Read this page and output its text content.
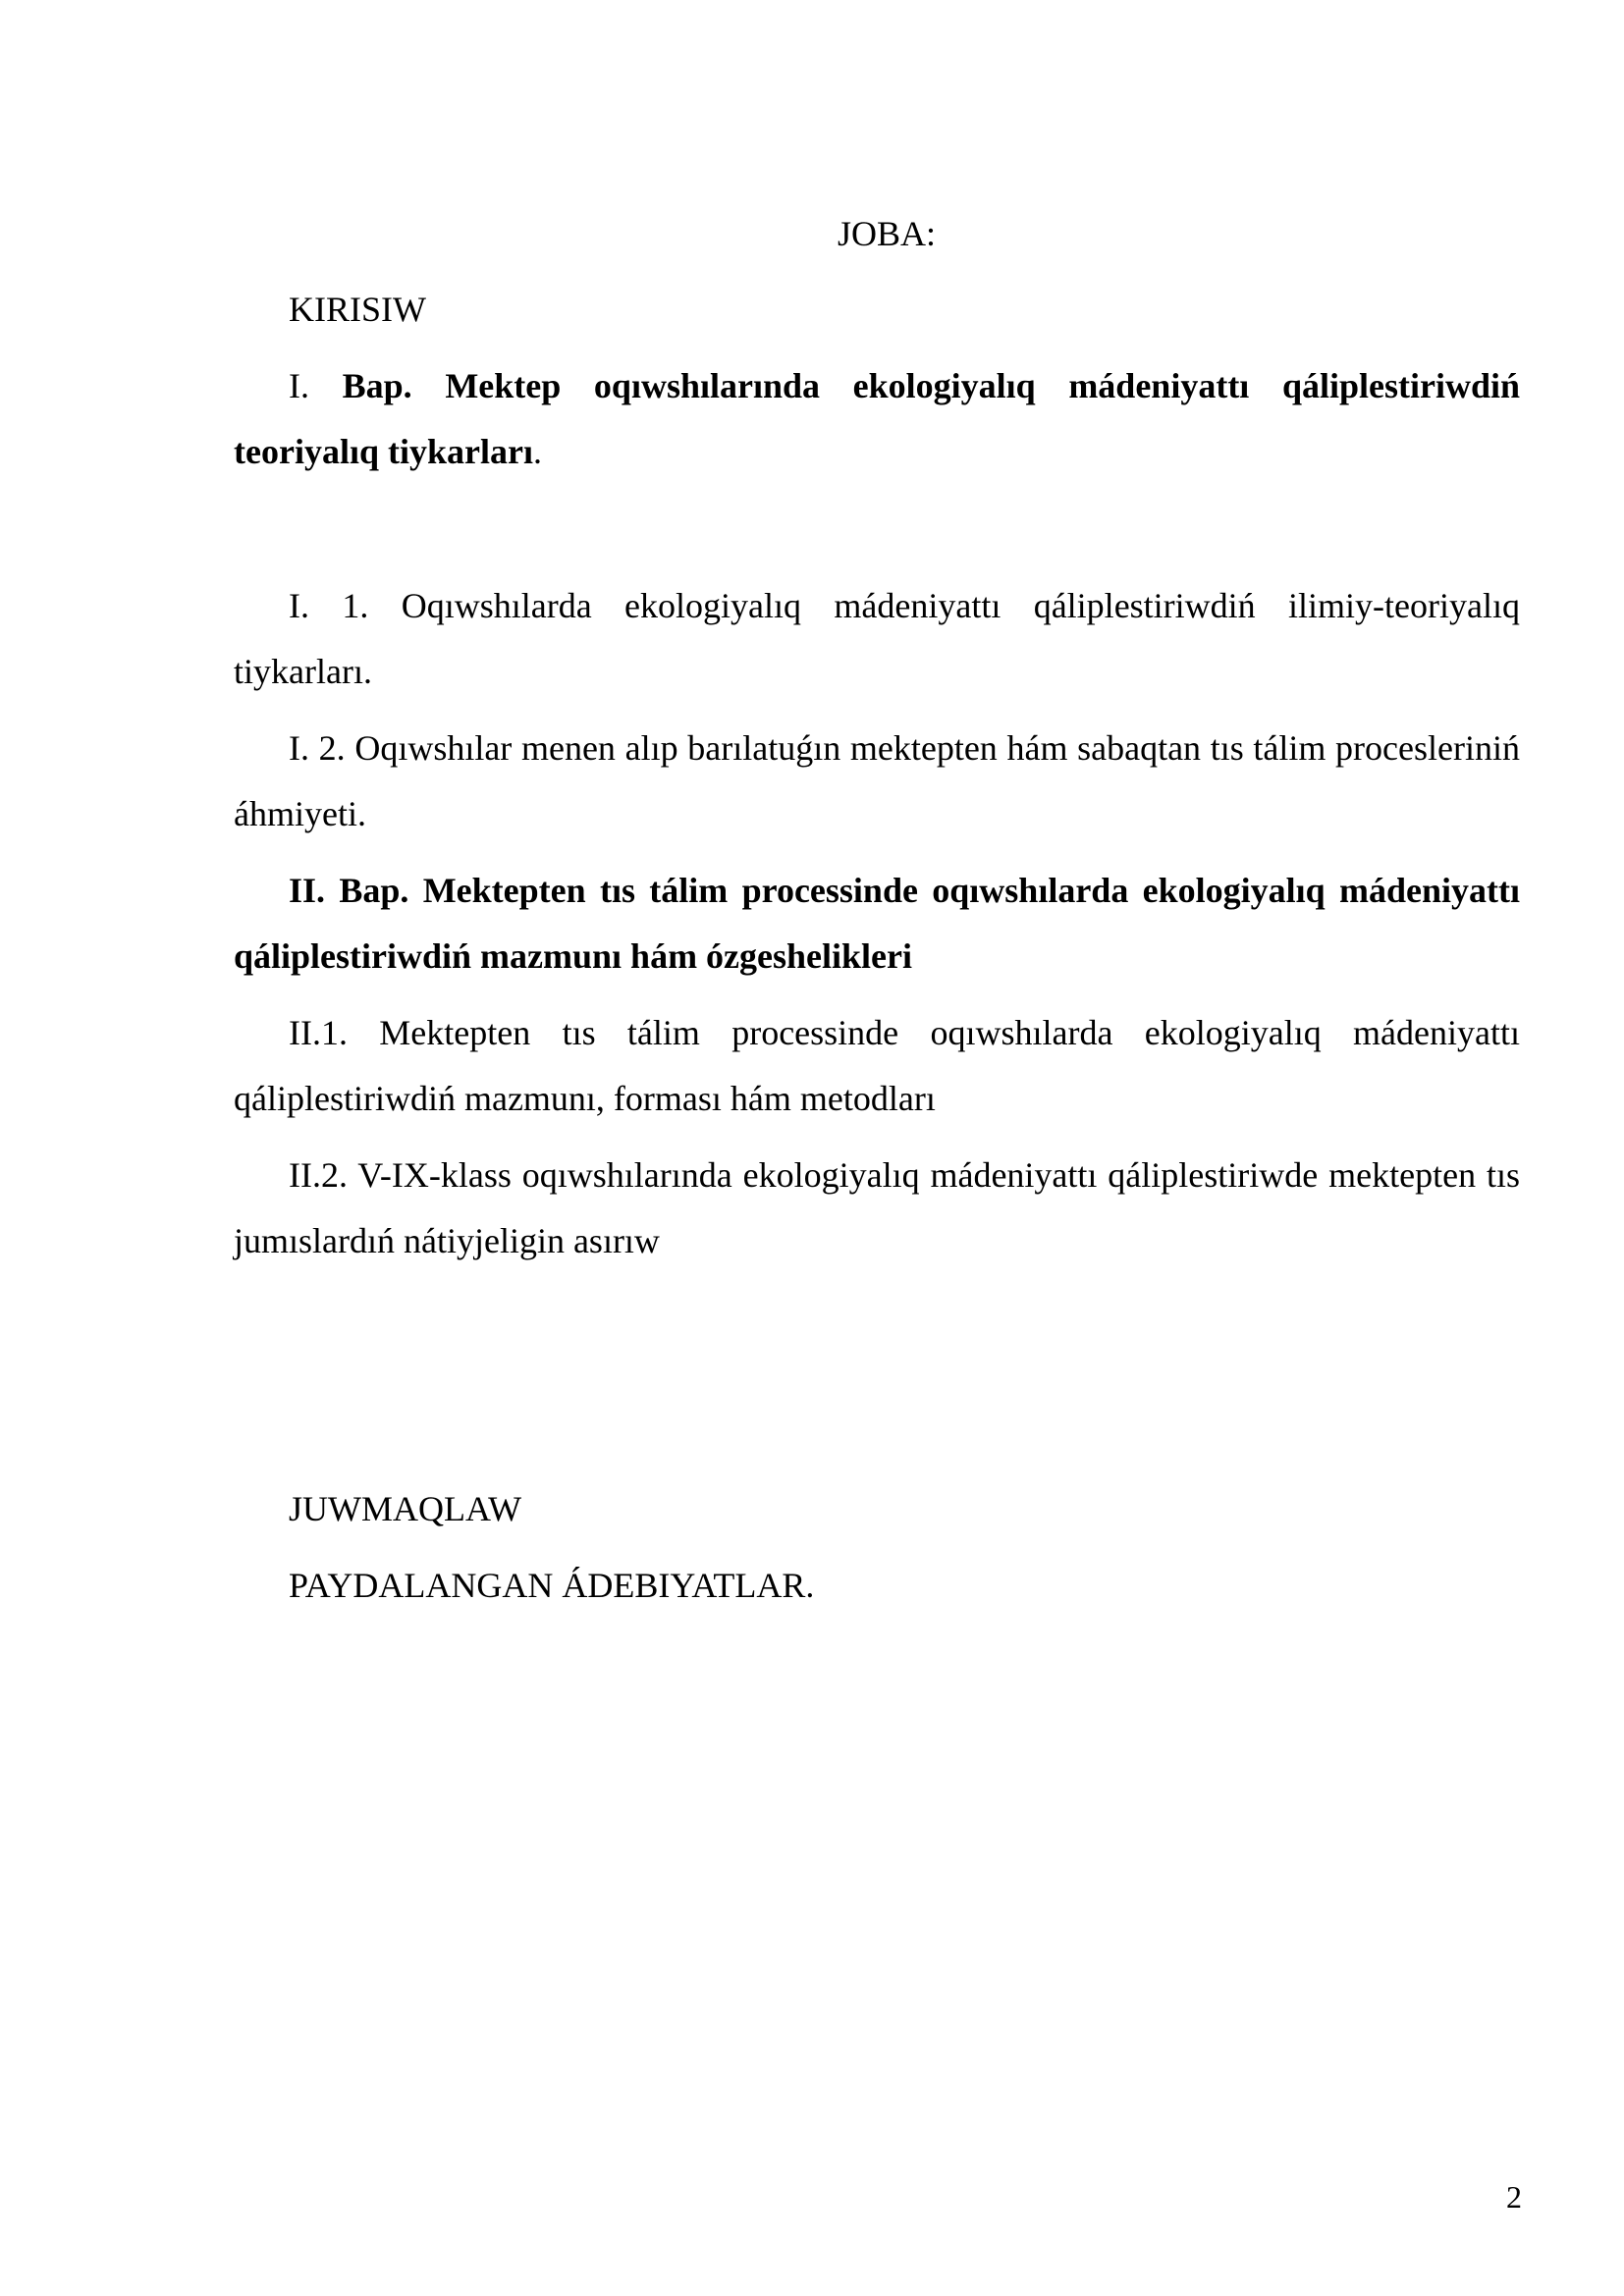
JOBA:

KIRISIW

I. Bap. Mektep oqıwshılarında ekologiyalıq mádeniyattı qáliplestiriwdiń teoriyalıq tiykarları.

I. 1. Oqıwshılarda ekologiyalıq mádeniyattı qáliplestiriwdiń ilimiy-teoriyalıq tiykarları.

I. 2. Oqıwshılar menen alıp barılatuǵın mektepten hám sabaqtan tıs tálim procesleriniń áhmiyeti.

II. Bap. Mektepten tıs tálim processinde oqıwshılarda ekologiyalıq mádeniyattı qáliplestiriwdiń mazmunı hám ózgeshelikleri

II.1. Mektepten tıs tálim processinde oqıwshılarda ekologiyalıq mádeniyattı qáliplestiriwdiń mazmunı, forması hám metodları

II.2. V-IX-klass oqıwshılarında ekologiyalıq mádeniyattı qáliplestiriwde mektepten tıs jumıslardıń nátiyjeligin asırıw

JUWMAQLAW

PAYDALANGAN ÁDEBIYATLAR.

2
